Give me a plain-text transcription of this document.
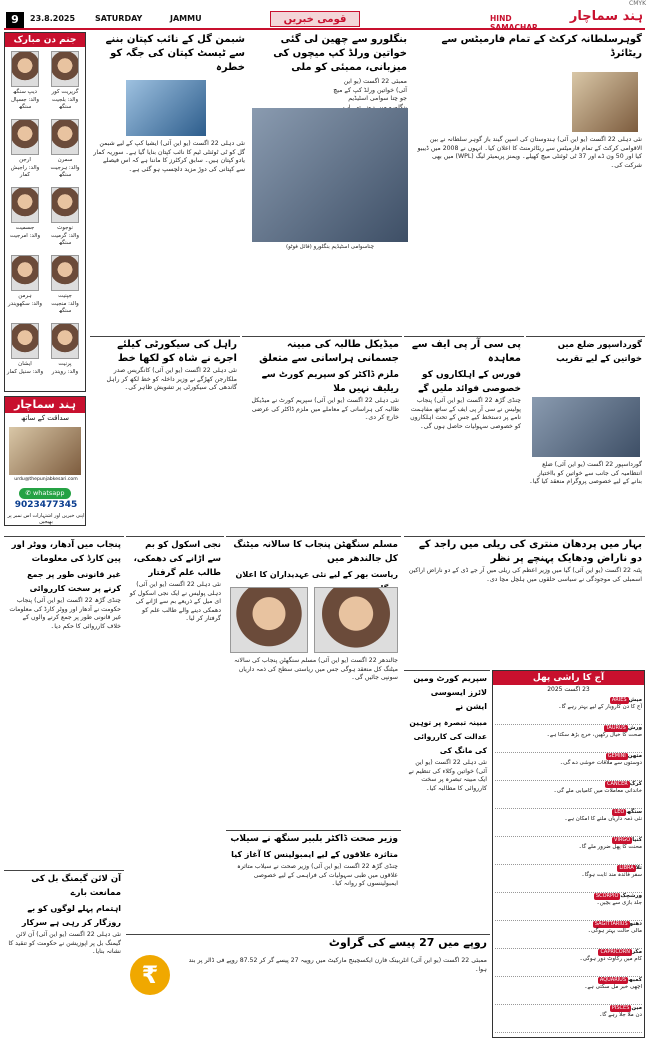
9	23.8.2025	SATURDAY	JAMMU	قومی خبریں	HIND	ہند سماچار
CMYK
جنم دن مبارک
دیپ سنگھ
والد: جسپال سنگھ
گرپریت کور
والد: بلجیت سنگھ
ارجن
والد: راجیش کمار
سمرن
والد: ہرجیت سنگھ
جسمیت
والد: امرجیت
نوجوت
والد: گرمیت سنگھ
ہرمن
والد: سکھویندر
جپنیت
والد: منجیت سنگھ
ایشان
والد: سنیل کمار
پرنیت
والد: رویندر
ہند سماچار
سداقت کے ساتھ
urdu@thepunjabkesari.com
✆ whatsapp
9023477345
اپنی خبریں اور اشتہارات اس نمبر پر بھیجیں
شبمن گل کے نائب کپتان بننے سے ٹیسٹ کپتان کی جگہ کو خطرہ
نئی دہلی 22 اگست (یو این آئی) ایشیا کپ کے لیے شبمن گل کو ٹی ٹوئنٹی ٹیم کا نائب کپتان بنایا گیا ہے۔ سوریہ کمار یادو کپتان ہیں۔ سابق کرکٹرز کا ماننا ہے کہ اس فیصلے سے کپتانی کی دوڑ مزید دلچسپ ہو گئی ہے۔
بنگلورو سے چھین لی گئی خواتین ورلڈ کپ میچوں کی میزبانی، ممبئی کو ملی
ممبئی 22 اگست (یو این آئی) خواتین ورلڈ کپ کے میچ جو چنا سوامی اسٹیڈیم
چناسوامی اسٹیڈیم بنگلورو (فائل فوٹو)
گوہرسلطانہ کرکٹ کے تمام فارمیٹس سے ریٹائرڈ
نئی دہلی 22 اگست (یو این آئی) ہندوستان کی اسپن گیند باز گوہر سلطانہ نے بین الاقوامی کرکٹ کے تمام فارمیٹس سے ریٹائرمنٹ کا اعلان کیا۔ انہوں نے 2008 میں ڈیبیو کیا اور 50 ون ڈے اور 37 ٹی ٹوئنٹی میچ کھیلے۔ ویمنز پریمیئر لیگ (WPL) میں بھی شرکت کی۔
راہل کی سیکورٹی کیلئے اجرے نے شاہ کو لکھا خط
نئی دہلی 22 اگست (یو این آئی) کانگریس صدر ملکارجن کھڑگے نے وزیر داخلہ کو خط لکھ کر راہل گاندھی کی سیکورٹی پر تشویش ظاہر کی۔
میڈیکل طالبہ کی مبینہ جسمانی ہراسانی سے متعلق
ملزم ڈاکٹر کو سپریم کورٹ سے ریلیف نہیں ملا
نئی دہلی 22 اگست (یو این آئی) سپریم کورٹ نے میڈیکل طالبہ کی ہراسانی کے معاملے میں ملزم ڈاکٹر کی عرضی خارج کر دی۔
پی سی آر پی ایف سے معاہدہ
فورس کے اہلکاروں کو خصوصی فوائد ملیں گے
چنڈی گڑھ 22 اگست (یو این آئی) پنجاب پولیس نے سی آر پی ایف کے ساتھ مفاہمت نامے پر دستخط کیے جس کے تحت اہلکاروں کو خصوصی سہولیات حاصل ہوں گی۔
گورداسپور ضلع میں خواتین کے لیے تقریب
گورداسپور 22 اگست (یو این آئی) ضلع انتظامیہ کی جانب سے خواتین کو بااختیار بنانے کے لیے خصوصی پروگرام منعقد کیا گیا۔
پنجاب میں آدھار، ووٹر اور پین کارڈ کی معلومات
غیر قانونی طور پر جمع کرنے پر سخت کارروائی
چنڈی گڑھ 22 اگست (یو این آئی) پنجاب حکومت نے آدھار اور ووٹر کارڈ کی معلومات غیر قانونی طور پر جمع کرنے والوں کے خلاف کارروائی کا حکم دیا۔
نجی اسکول کو بم سے اڑانے کی دھمکی، طالب علم گرفتار
نئی دہلی 22 اگست (یو این آئی) دہلی پولیس نے ایک نجی اسکول کو ای میل کے ذریعے بم سے اڑانے کی دھمکی دینے والے طالب علم کو گرفتار کر لیا۔
مسلم سنگھٹن پنجاب کا سالانہ میٹنگ کل جالندھر میں
ریاست بھر کے لیے نئی عہدیداران کا اعلان
جالندھر 22 اگست (یو این آئی) مسلم سنگھٹن پنجاب کی سالانہ میٹنگ کل منعقد ہوگی جس میں ریاستی سطح کی ذمہ داریاں سونپی جائیں گی۔
بہار میں پردھان منتری کی ریلی میں راجد کے دو ناراض ودھایک پہنچے پر نظر
پٹنہ 22 اگست (یو این آئی) گیا میں وزیر اعظم کی ریلی میں آر جے ڈی کے دو ناراض اراکین اسمبلی کی موجودگی نے سیاسی حلقوں میں ہلچل مچا دی۔
آج کا راشی پھل
23 اگست 2025
میشARIES
آج کا دن کاروبار کے لیے بہتر رہے گا۔
ورشTAURUS
صحت کا خیال رکھیں، خرچ بڑھ سکتا ہے۔
متھنGEMINI
دوستوں سے ملاقات خوشی دے گی۔
کرکCANCER
خاندانی معاملات میں کامیابی ملے گی۔
سنگھLEO
نئی ذمہ داریاں ملنے کا امکان ہے۔
کنیاVIRGO
محنت کا پھل ضرور ملے گا۔
تلاLIBRA
سفر فائدہ مند ثابت ہوگا۔
ورشچکSCORPIO
جلد بازی سے بچیں۔
دھنوSAGITTARIUS
مالی حالت بہتر ہوگی۔
مکرCAPRICORN
کام میں رکاوٹ دور ہوگی۔
کمبھAQUARIUS
اچھی خبر مل سکتی ہے۔
مینPISCES
دن ملا جلا رہے گا۔
سپریم کورٹ ومین لائرز ایسوسی ایشن نے
مبینہ تبصرہ پر توہین عدالت کی کارروائی کی مانگ کی
نئی دہلی 22 اگست (یو این آئی) خواتین وکلاء کی تنظیم نے ایک مبینہ تبصرہ پر سخت کارروائی کا مطالبہ کیا۔
وزیر صحت ڈاکٹر بلبیر سنگھ نے سیلاب
متاثرہ علاقوں کے لیے ایمبولینس کا آغاز کیا
چنڈی گڑھ 22 اگست (یو این آئی) وزیر صحت نے سیلاب متاثرہ علاقوں میں طبی سہولیات کی فراہمی کے لیے خصوصی ایمبولینسوں کو روانہ کیا۔
آن لائن گیمنگ بل کی ممانعت بارے
اہتمام پہلے لوگوں کو بے روزگار کر رہی ہے سرکار
نئی دہلی 22 اگست (یو این آئی) آن لائن گیمنگ بل پر اپوزیشن نے حکومت کو تنقید کا نشانہ بنایا۔
روپے میں 27 پیسے کی گراوٹ
₹
ممبئی 22 اگست (یو این آئی) انٹربینک فارن ایکسچینج مارکیٹ میں روپیہ 27 پیسے گر کر 87.52 روپے فی ڈالر پر بند ہوا۔
